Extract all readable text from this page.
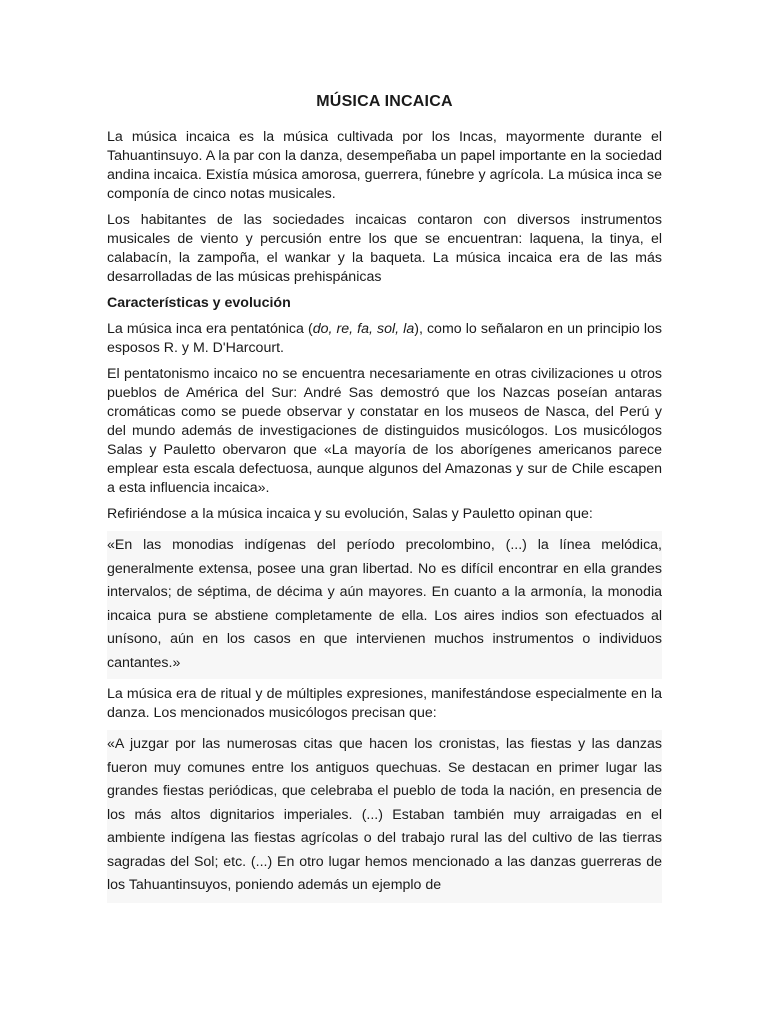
MÚSICA INCAICA

La música incaica es la música cultivada por los Incas, mayormente durante el Tahuantinsuyo. A la par con la danza, desempeñaba un papel importante en la sociedad andina incaica. Existía música amorosa, guerrera, fúnebre y agrícola. La música inca se componía de cinco notas musicales.

Los habitantes de las sociedades incaicas contaron con diversos instrumentos musicales de viento y percusión entre los que se encuentran: laquena, la tinya, el calabacín, la zampoña, el wankar y la baqueta. La música incaica era de las más desarrolladas de las músicas prehispánicas

Características y evolución

La música inca era pentatónica (do, re, fa, sol, la), como lo señalaron en un principio los esposos R. y M. D'Harcourt.

El pentatonismo incaico no se encuentra necesariamente en otras civilizaciones u otros pueblos de América del Sur: André Sas demostró que los Nazcas poseían antaras cromáticas como se puede observar y constatar en los museos de Nasca, del Perú y del mundo además de investigaciones de distinguidos musicólogos. Los musicólogos Salas y Pauletto obervaron que «La mayoría de los aborígenes americanos parece emplear esta escala defectuosa, aunque algunos del Amazonas y sur de Chile escapen a esta influencia incaica».

Refiriéndose a la música incaica y su evolución, Salas y Pauletto opinan que:

«En las monodias indígenas del período precolombino, (...) la línea melódica, generalmente extensa, posee una gran libertad. No es difícil encontrar en ella grandes intervalos; de séptima, de décima y aún mayores. En cuanto a la armonía, la monodia incaica pura se abstiene completamente de ella. Los aires indios son efectuados al unísono, aún en los casos en que intervienen muchos instrumentos o individuos cantantes.»

La música era de ritual y de múltiples expresiones, manifestándose especialmente en la danza. Los mencionados musicólogos precisan que:

«A juzgar por las numerosas citas que hacen los cronistas, las fiestas y las danzas fueron muy comunes entre los antiguos quechuas. Se destacan en primer lugar las grandes fiestas periódicas, que celebraba el pueblo de toda la nación, en presencia de los más altos dignitarios imperiales. (...) Estaban también muy arraigadas en el ambiente indígena las fiestas agrícolas o del trabajo rural las del cultivo de las tierras sagradas del Sol; etc. (...) En otro lugar hemos mencionado a las danzas guerreras de los Tahuantinsuyos, poniendo además un ejemplo de
